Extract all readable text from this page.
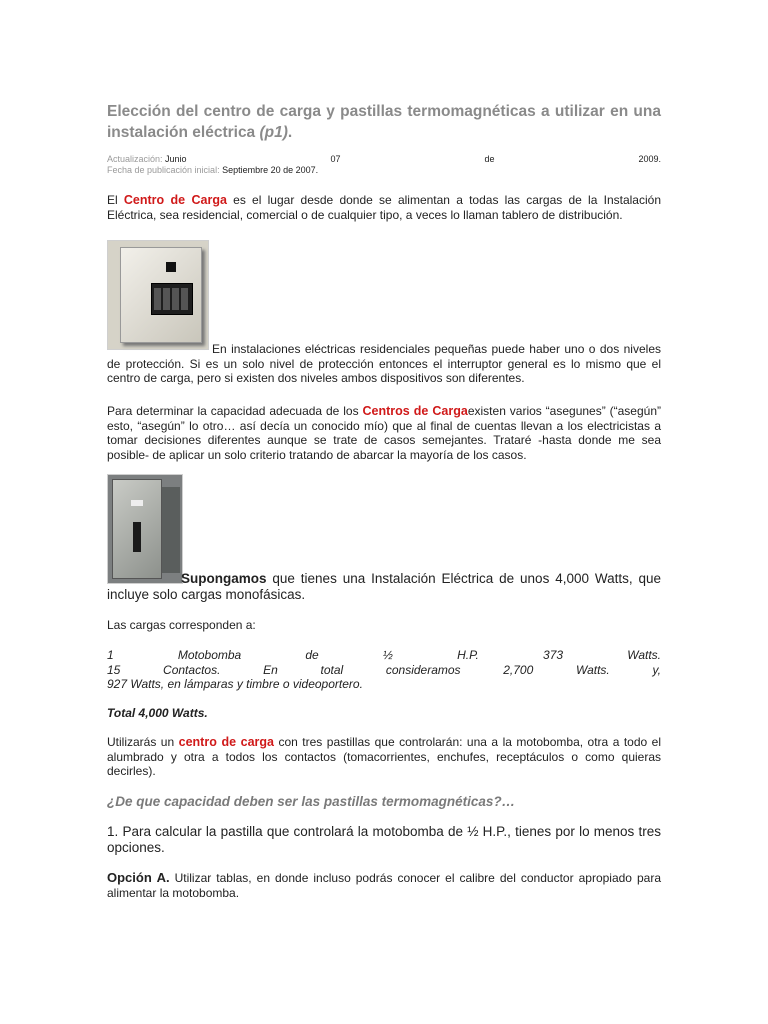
Elección del centro de carga y pastillas termomagnéticas a utilizar en una instalación eléctrica (p1).
Actualización: Junio	07	de	2009.
Fecha de publicación inicial: Septiembre 20 de 2007.

El Centro de Carga es el lugar desde donde se alimentan a todas las cargas de la Instalación Eléctrica, sea residencial, comercial o de cualquier tipo, a veces lo llaman tablero de distribución.

En instalaciones eléctricas residenciales pequeñas puede haber uno o dos niveles de protección. Si es un solo nivel de protección entonces el interruptor general es lo mismo que el centro de carga, pero si existen dos niveles ambos dispositivos son diferentes.

Para determinar la capacidad adecuada de los Centros de Cargaexisten varios “asegunes” (“asegún” esto, “asegún” lo otro… así decía un conocido mío) que al final de cuentas llevan a los electricistas a tomar decisiones diferentes aunque se trate de casos semejantes. Trataré -hasta donde me sea posible- de aplicar un solo criterio tratando de abarcar la mayoría de los casos.

Supongamos que tienes una Instalación Eléctrica de unos 4,000 Watts, que incluye solo cargas monofásicas.

Las cargas corresponden a:

1	Motobomba	de	½	H.P.	373	Watts.
15	Contactos.	En	total	consideramos	2,700	Watts.	y,
927 Watts, en lámparas y timbre o videoportero.

Total 4,000 Watts.

Utilizarás un centro de carga con tres pastillas que controlarán: una a la motobomba, otra a todo el alumbrado y otra a todos los contactos (tomacorrientes, enchufes, receptáculos o como quieras decirles).

¿De que capacidad deben ser las pastillas termomagnéticas?…

1. Para calcular la pastilla que controlará la motobomba de ½ H.P., tienes por lo menos tres opciones.

Opción A. Utilizar tablas, en donde incluso podrás conocer el calibre del conductor apropiado para alimentar la motobomba.
